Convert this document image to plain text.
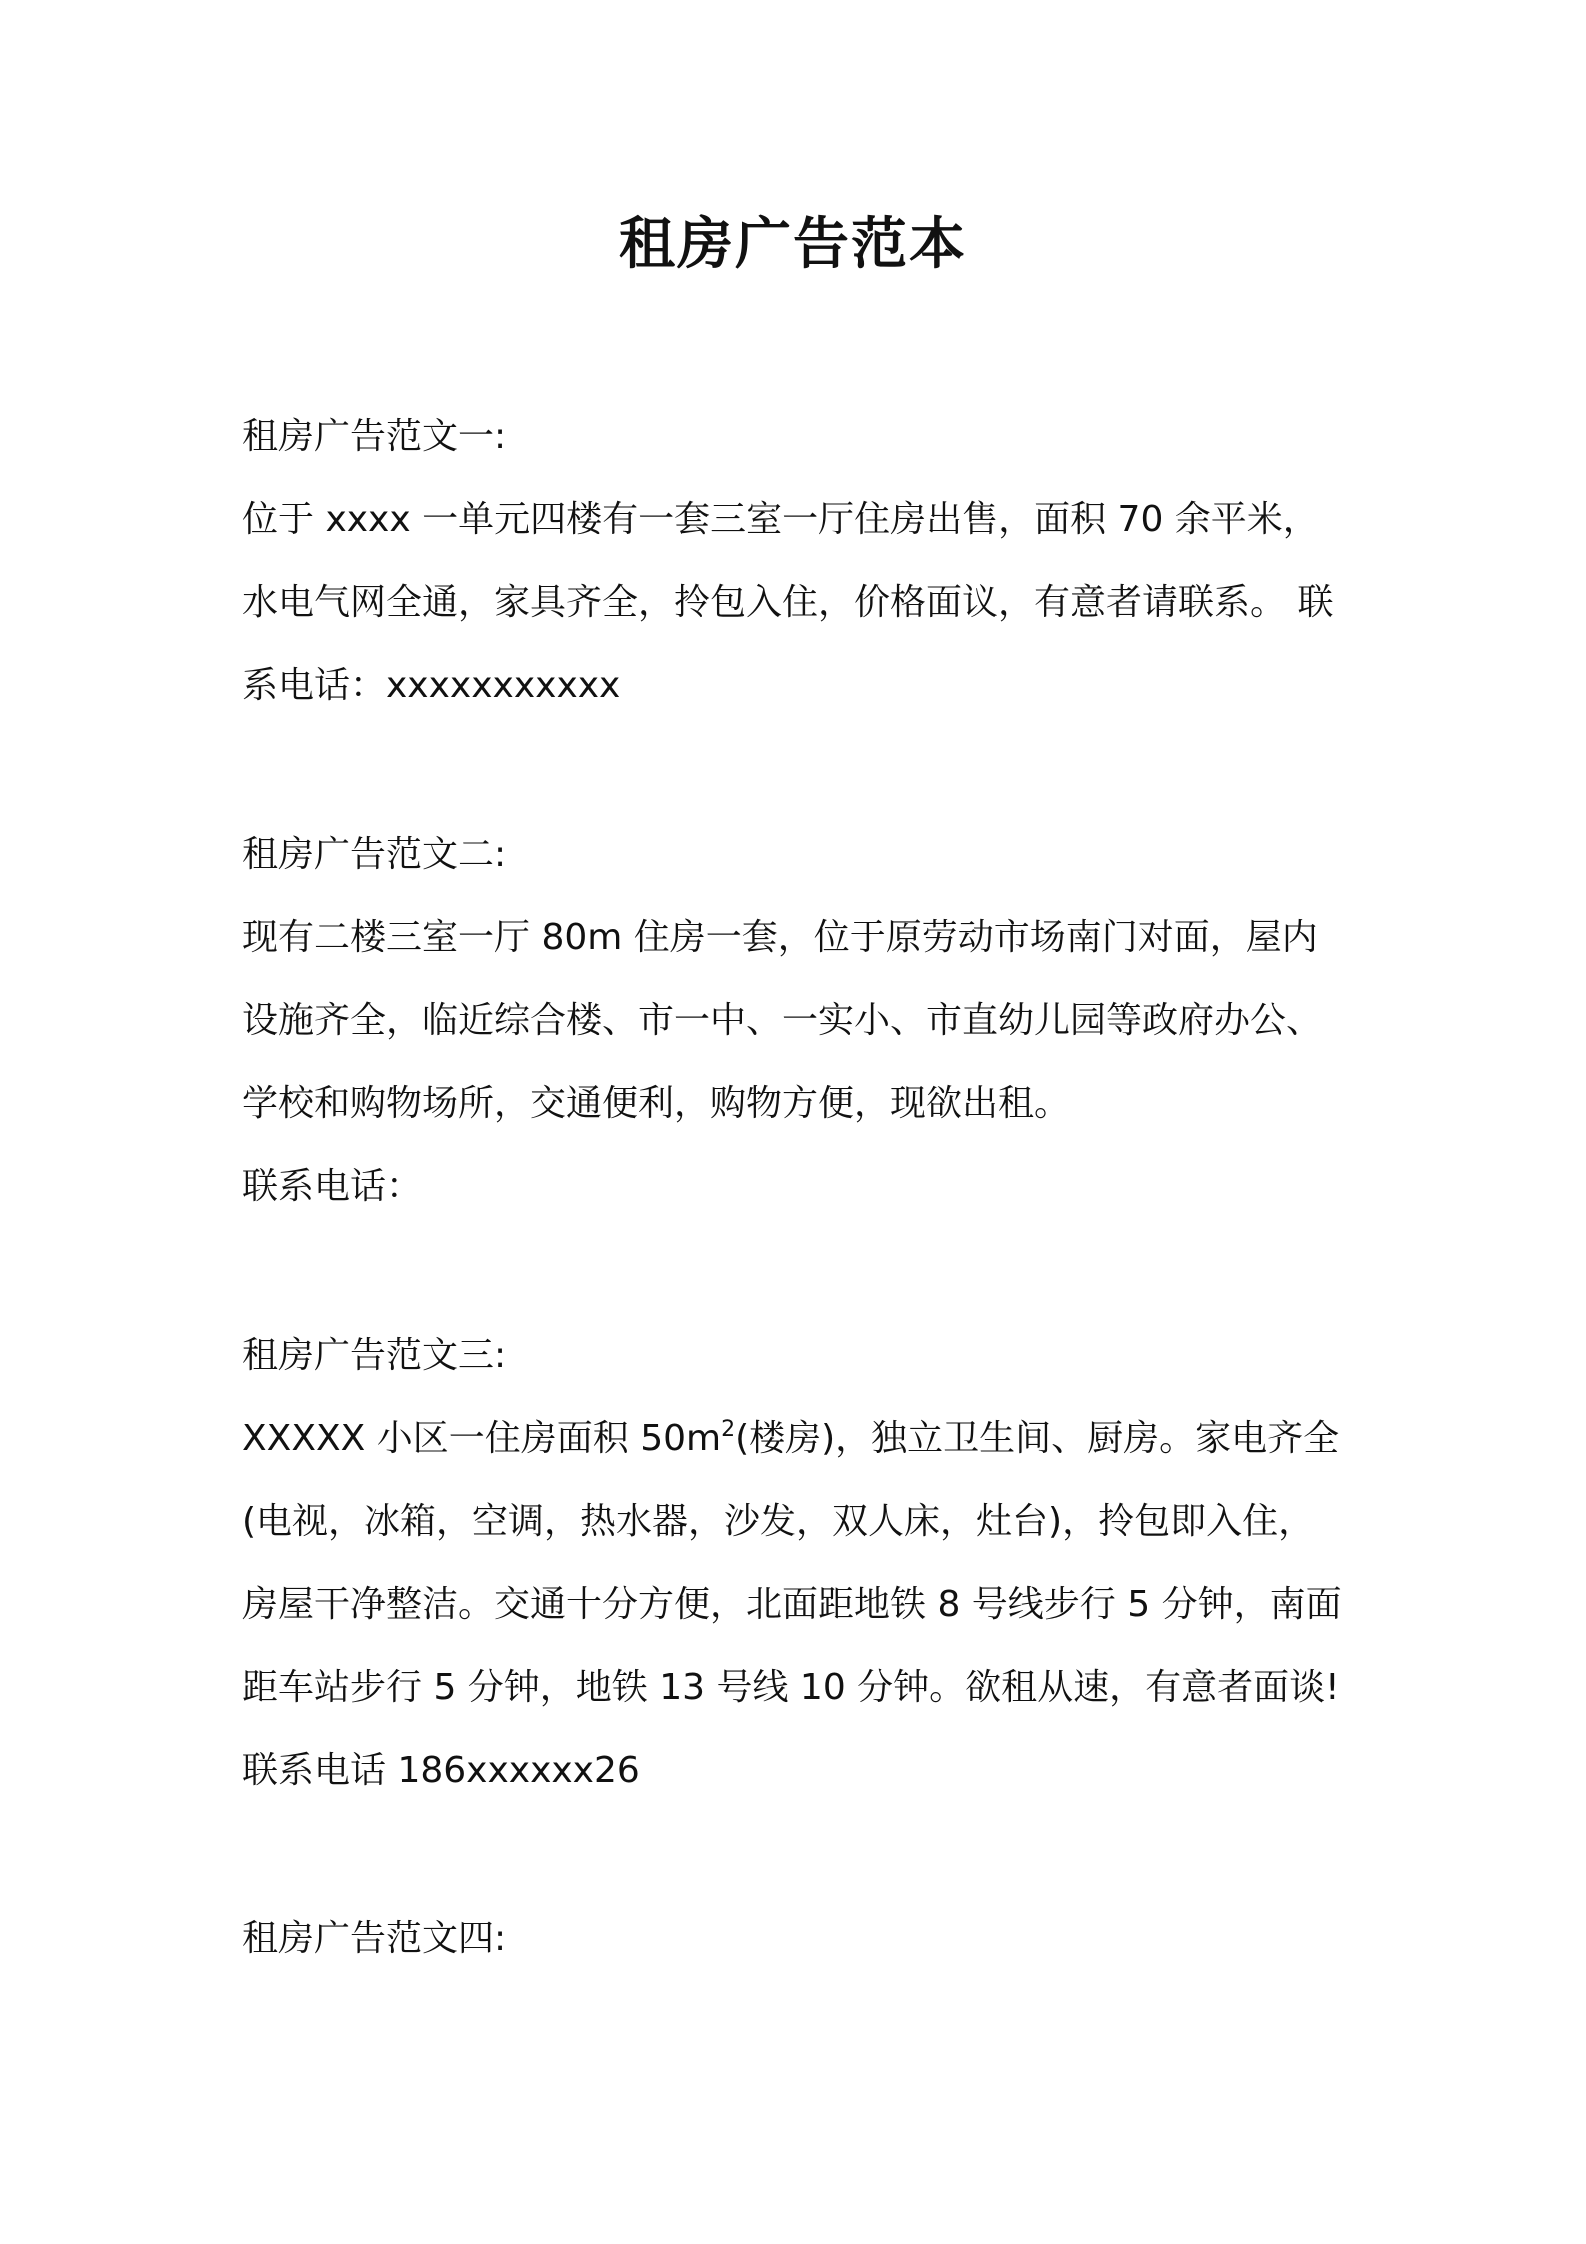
租房广告范本
租房广告范文一:
位于 xxxx 一单元四楼有一套三室一厅住房出售，面积 70 余平米，
水电气网全通，家具齐全，拎包入住，价格面议，有意者请联系。 联
系电话：xxxxxxxxxxx
租房广告范文二:
现有二楼三室一厅 80m 住房一套，位于原劳动市场南门对面，屋内
设施齐全，临近综合楼、市一中、一实小、市直幼儿园等政府办公、
学校和购物场所，交通便利，购物方便，现欲出租。
联系电话：
租房广告范文三:
XXXXX 小区一住房面积 $50m^2$(楼房)，独立卫生间、厨房。家电齐全
(电视，冰箱，空调，热水器，沙发，双人床，灶台)，拎包即入住，
房屋干净整洁。交通十分方便，北面距地铁 8 号线步行 5 分钟，南面
距车站步行 5 分钟，地铁 13 号线 10 分钟。欲租从速，有意者面谈!
联系电话 186xxxxxx26
租房广告范文四:
